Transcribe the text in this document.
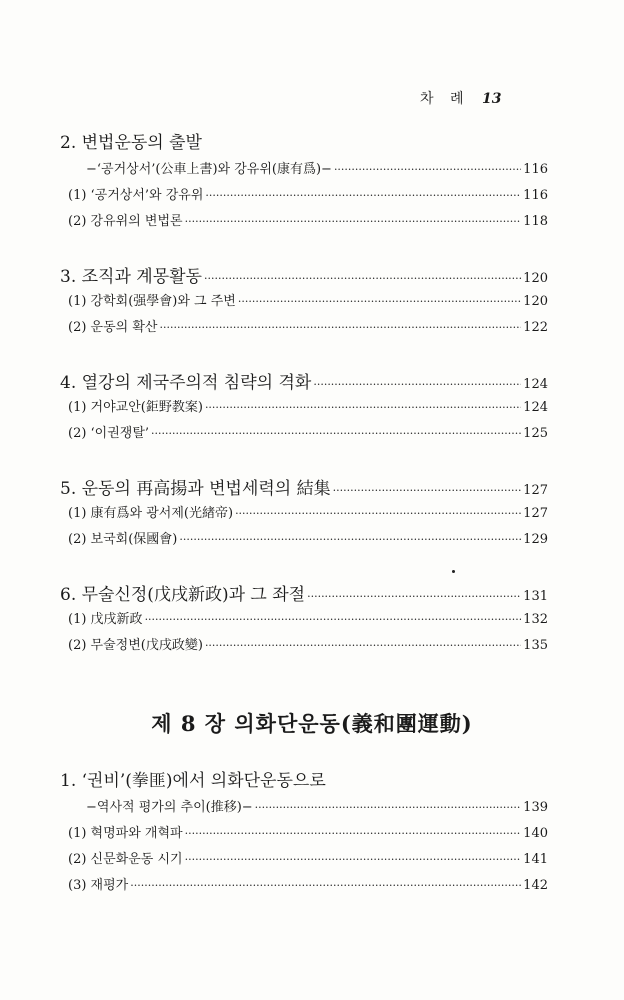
차 례 13
2. 변법운동의 출발
−‘공거상서’(公車上書)와 강유위(康有爲)− ·····	116
(1) ‘공거상서’와 강유위 ·····	116
(2) 강유위의 변법론 ·····	118
3. 조직과 계몽활동 ·····	120
(1) 강학회(强學會)와 그 주변 ·····	120
(2) 운동의 확산 ·····	122
4. 열강의 제국주의적 침략의 격화 ·····	124
(1) 거야교안(鉅野教案) ·····	124
(2) ‘이권쟁탈’ ·····	125
5. 운동의 再高揚과 변법세력의 結集 ·····	127
(1) 康有爲와 광서제(光緖帝) ·····	127
(2) 보국회(保國會) ·····	129
6. 무술신정(戊戌新政)과 그 좌절 ·····	131
(1) 戊戌新政 ·····	132
(2) 무술정변(戊戌政變) ·····	135
제 8 장 의화단운동(義和團運動)
1. ‘권비’(拳匪)에서 의화단운동으로
−역사적 평가의 추이(推移)− ·····	139
(1) 혁명파와 개혁파 ·····	140
(2) 신문화운동 시기 ·····	141
(3) 재평가 ·····	142
